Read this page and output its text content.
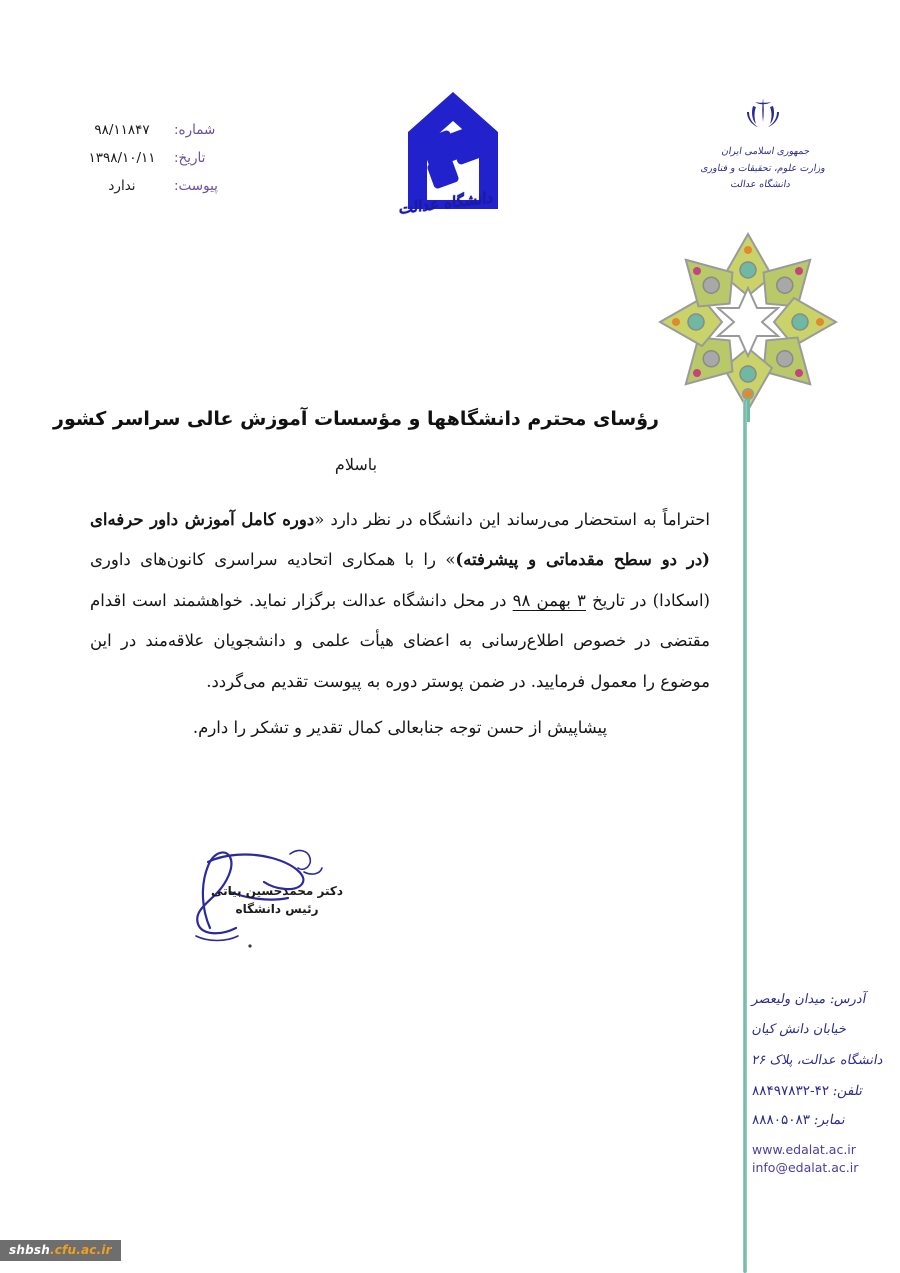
شماره:
۹۸/۱۱۸۴۷
تاریخ:
۱۳۹۸/۱۰/۱۱
پیوست:
ندارد
دانشگاه عدالت
جمهوری اسلامی ایران
وزارت علوم، تحقیقات و فناوری
دانشگاه عدالت
رؤسای محترم دانشگاهها و مؤسسات آموزش عالی سراسر کشور
باسلام
احتراماً به استحضار می‌رساند این دانشگاه در نظر دارد «دوره کامل آموزش داور حرفه‌ای (در دو سطح مقدماتی و پیشرفته)» را با همکاری اتحادیه سراسری کانون‌های داوری (اسکادا) در تاریخ ۳ بهمن ۹۸ در محل دانشگاه عدالت برگزار نماید. خواهشمند است اقدام مقتضی در خصوص اطلاع‌رسانی به اعضای هیأت علمی و دانشجویان علاقه‌مند در این موضوع را معمول فرمایید. در ضمن پوستر دوره به پیوست تقدیم می‌گردد.
پیشاپیش از حسن توجه جنابعالی کمال تقدیر و تشکر را دارم.
دکتر محمدحسین بیاتی
رئیس دانشگاه
آدرس: میدان ولیعصر
خیابان دانش کیان
دانشگاه عدالت، پلاک ۲۶
تلفن:۸۸۴۹۷۸۳۲-۴۲
نمابر:۸۸۸۰۵۰۸۳
www.edalat.ac.ir
info@edalat.ac.ir
shbsh.cfu.ac.ir
